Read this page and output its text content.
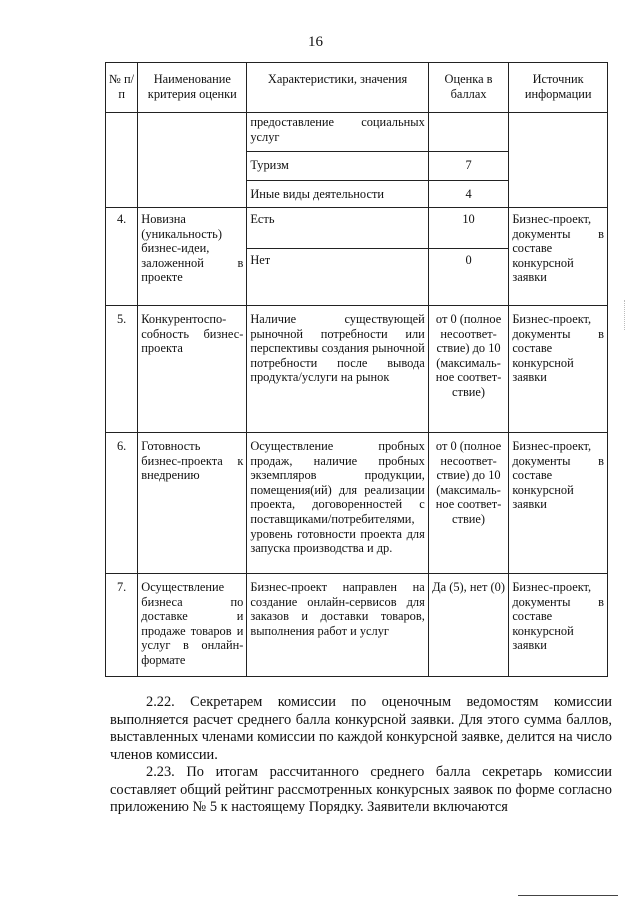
16
№ п/п	Наименование критерия оценки	Характеристики, значения	Оценка в баллах	Источник информации
		предоставление социальных услуг		
		Туризм	7	
		Иные виды деятельности	4	
4.	Новизна (уникальность) бизнес-идеи, заложенной в проекте	Есть	10	Бизнес-проект, документы в составе конкурсной заявки
		Нет	0	
5.	Конкурентоспо-собность бизнес-проекта	Наличие существующей рыночной потребности или перспективы создания рыночной потребности после вывода продукта/услуги на рынок	от 0 (полное несоответ-ствие) до 10 (максималь-ное соответ-ствие)	Бизнес-проект, документы в составе конкурсной заявки
6.	Готовность бизнес-проекта к внедрению	Осуществление пробных продаж, наличие пробных экземпляров продукции, помещения(ий) для реализации проекта, договоренностей с поставщиками/потребителями, уровень готовности проекта для запуска производства и др.	от 0 (полное несоответ-ствие) до 10 (максималь-ное соответ-ствие)	Бизнес-проект, документы в составе конкурсной заявки
7.	Осуществление бизнеса по доставке и продаже товаров и услуг в онлайн-формате	Бизнес-проект направлен на создание онлайн-сервисов для заказов и доставки товаров, выполнения работ и услуг	Да (5), нет (0)	Бизнес-проект, документы в составе конкурсной заявки
2.22. Секретарем комиссии по оценочным ведомостям комиссии выполняется расчет среднего балла конкурсной заявки. Для этого сумма баллов, выставленных членами комиссии по каждой конкурсной заявке, делится на число членов комиссии.
2.23. По итогам рассчитанного среднего балла секретарь комиссии составляет общий рейтинг рассмотренных конкурсных заявок по форме согласно приложению № 5 к настоящему Порядку. Заявители включаются
